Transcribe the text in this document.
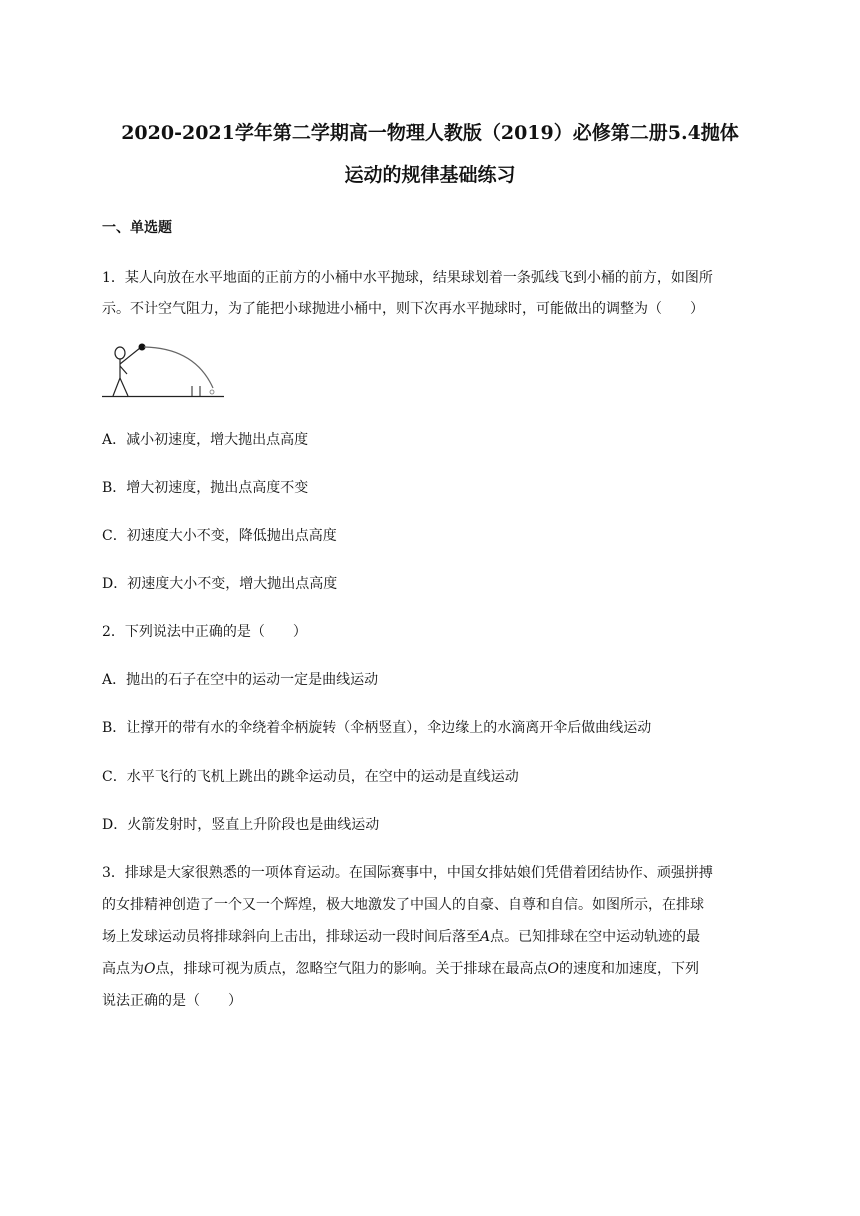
2020-2021学年第二学期高一物理人教版（2019）必修第二册5.4抛体
运动的规律基础练习
一、单选题
1．某人向放在水平地面的正前方的小桶中水平抛球，结果球划着一条弧线飞到小桶的前方，如图所
示。不计空气阻力，为了能把小球抛进小桶中，则下次再水平抛球时，可能做出的调整为（　　）
A．减小初速度，增大抛出点高度
B．增大初速度，抛出点高度不变
C．初速度大小不变，降低抛出点高度
D．初速度大小不变，增大抛出点高度
2．下列说法中正确的是（　　）
A．抛出的石子在空中的运动一定是曲线运动
B．让撑开的带有水的伞绕着伞柄旋转（伞柄竖直），伞边缘上的水滴离开伞后做曲线运动
C．水平飞行的飞机上跳出的跳伞运动员，在空中的运动是直线运动
D．火箭发射时，竖直上升阶段也是曲线运动
3．排球是大家很熟悉的一项体育运动。在国际赛事中，中国女排姑娘们凭借着团结协作、顽强拼搏
的女排精神创造了一个又一个辉煌，极大地激发了中国人的自豪、自尊和自信。如图所示，在排球
场上发球运动员将排球斜向上击出，排球运动一段时间后落至A点。已知排球在空中运动轨迹的最
高点为O点，排球可视为质点，忽略空气阻力的影响。关于排球在最高点O的速度和加速度，下列
说法正确的是（　　）
